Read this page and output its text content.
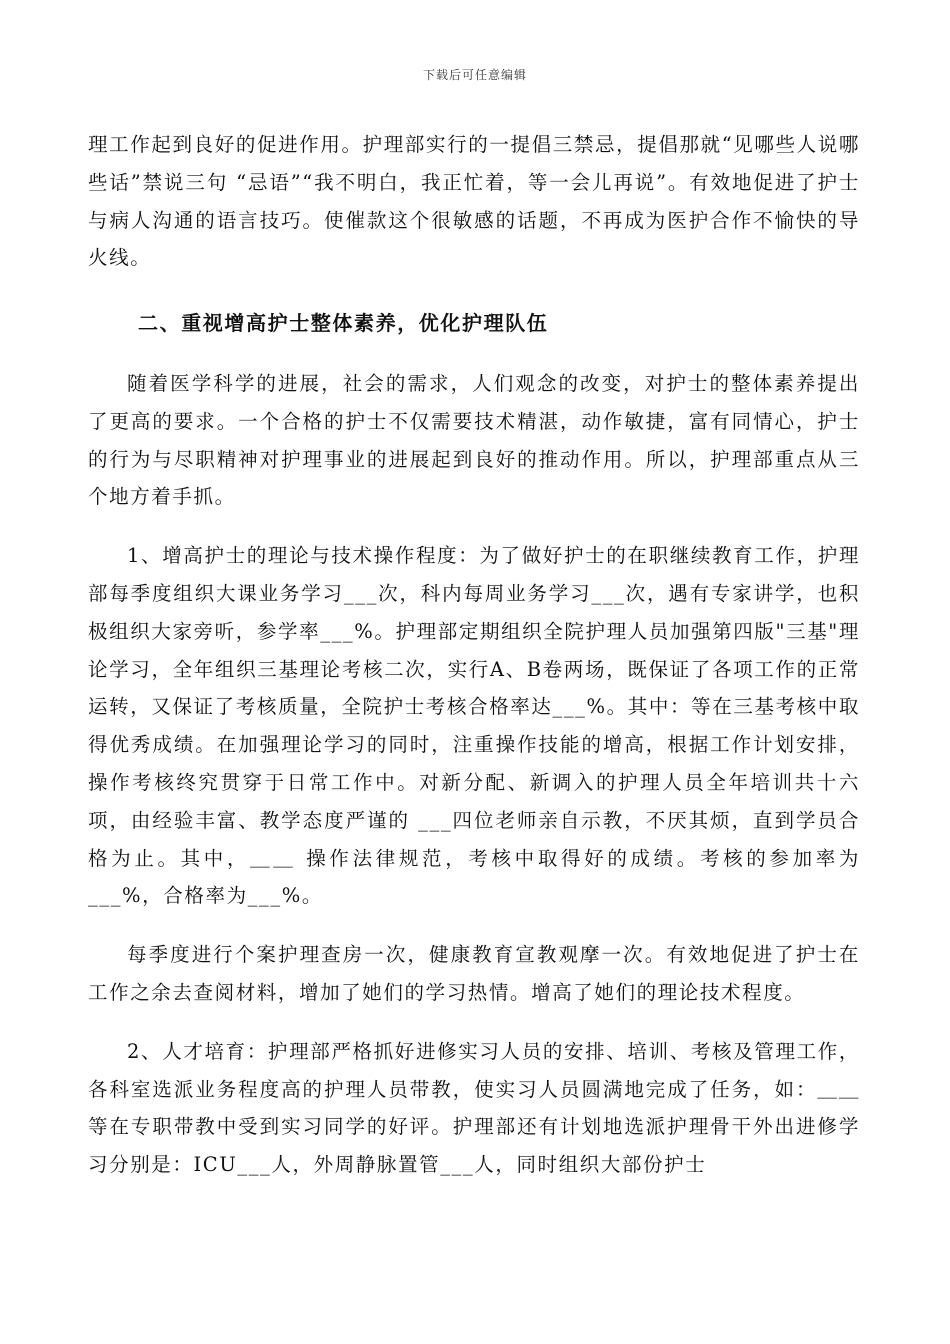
下载后可任意编辑

理工作起到良好的促进作用。护理部实行的一提倡三禁忌，提倡那就“见哪些人说哪些话”禁说三句 “忌语”“我不明白，我正忙着，等一会儿再说”。有效地促进了护士与病人沟通的语言技巧。使催款这个很敏感的话题，不再成为医护合作不愉快的导火线。

二、重视增高护士整体素养，优化护理队伍

随着医学科学的进展，社会的需求，人们观念的改变，对护士的整体素养提出了更高的要求。一个合格的护士不仅需要技术精湛，动作敏捷，富有同情心，护士的行为与尽职精神对护理事业的进展起到良好的推动作用。所以，护理部重点从三个地方着手抓。

1、增高护士的理论与技术操作程度：为了做好护士的在职继续教育工作，护理部每季度组织大课业务学习___次，科内每周业务学习___次，遇有专家讲学，也积极组织大家旁听，参学率___%。护理部定期组织全院护理人员加强第四版"三基"理论学习，全年组织三基理论考核二次，实行A、B卷两场，既保证了各项工作的正常运转，又保证了考核质量，全院护士考核合格率达___%。其中：等在三基考核中取得优秀成绩。在加强理论学习的同时，注重操作技能的增高，根据工作计划安排，操作考核终究贯穿于日常工作中。对新分配、新调入的护理人员全年培训共十六项，由经验丰富、教学态度严谨的 ___四位老师亲自示教，不厌其烦，直到学员合格为止。其中，＿＿ 操作法律规范，考核中取得好的成绩。考核的参加率为___%，合格率为___%。

每季度进行个案护理查房一次，健康教育宣教观摩一次。有效地促进了护士在工作之余去查阅材料，增加了她们的学习热情。增高了她们的理论技术程度。

2、人才培育：护理部严格抓好进修实习人员的安排、培训、考核及管理工作，各科室选派业务程度高的护理人员带教，使实习人员圆满地完成了任务，如：＿＿ 等在专职带教中受到实习同学的好评。护理部还有计划地选派护理骨干外出进修学习分别是：ICU___人，外周静脉置管___人，同时组织大部份护士
